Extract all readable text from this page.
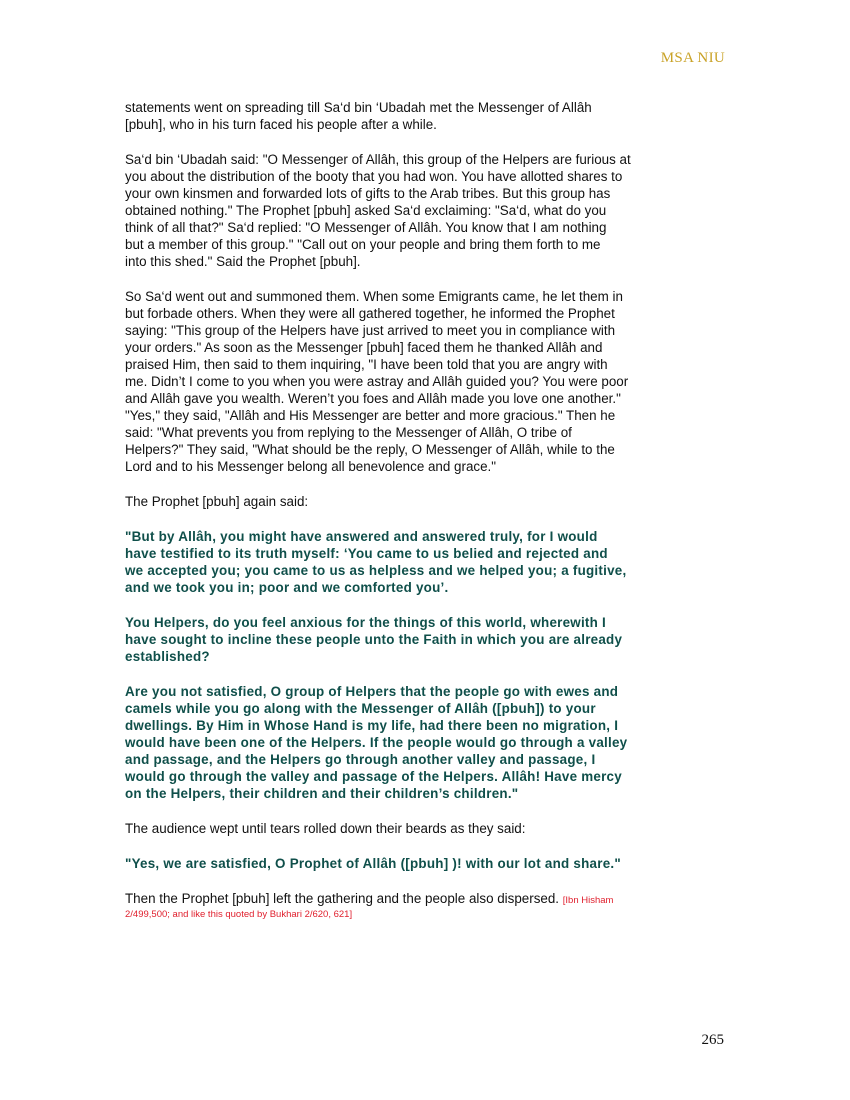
MSA NIU
statements went on spreading till Sa‘d bin ‘Ubadah met the Messenger of Allâh
[pbuh], who in his turn faced his people after a while.
Sa‘d bin ‘Ubadah said: "O Messenger of Allâh, this group of the Helpers are furious at
you about the distribution of the booty that you had won. You have allotted shares to
your own kinsmen and forwarded lots of gifts to the Arab tribes. But this group has
obtained nothing." The Prophet [pbuh] asked Sa‘d exclaiming: "Sa‘d, what do you
think of all that?" Sa‘d replied: "O Messenger of Allâh. You know that I am nothing
but a member of this group." "Call out on your people and bring them forth to me
into this shed." Said the Prophet [pbuh].
So Sa‘d went out and summoned them. When some Emigrants came, he let them in
but forbade others. When they were all gathered together, he informed the Prophet
saying: "This group of the Helpers have just arrived to meet you in compliance with
your orders." As soon as the Messenger [pbuh] faced them he thanked Allâh and
praised Him, then said to them inquiring, "I have been told that you are angry with
me. Didn’t I come to you when you were astray and Allâh guided you? You were poor
and Allâh gave you wealth. Weren’t you foes and Allâh made you love one another."
"Yes," they said, "Allâh and His Messenger are better and more gracious." Then he
said: "What prevents you from replying to the Messenger of Allâh, O tribe of
Helpers?" They said, "What should be the reply, O Messenger of Allâh, while to the
Lord and to his Messenger belong all benevolence and grace."
The Prophet [pbuh] again said:
"But by Allâh, you might have answered and answered truly, for I would
have testified to its truth myself: ‘You came to us belied and rejected and
we accepted you; you came to us as helpless and we helped you; a fugitive,
and we took you in; poor and we comforted you’.
You Helpers, do you feel anxious for the things of this world, wherewith I
have sought to incline these people unto the Faith in which you are already
established?
Are you not satisfied, O group of Helpers that the people go with ewes and
camels while you go along with the Messenger of Allâh ([pbuh]) to your
dwellings. By Him in Whose Hand is my life, had there been no migration, I
would have been one of the Helpers. If the people would go through a valley
and passage, and the Helpers go through another valley and passage, I
would go through the valley and passage of the Helpers. Allâh! Have mercy
on the Helpers, their children and their children’s children."
The audience wept until tears rolled down their beards as they said:
"Yes, we are satisfied, O Prophet of Allâh ([pbuh] )! with our lot and share."
Then the Prophet [pbuh] left the gathering and the people also dispersed. [Ibn Hisham
2/499,500; and like this quoted by Bukhari 2/620, 621]
265
